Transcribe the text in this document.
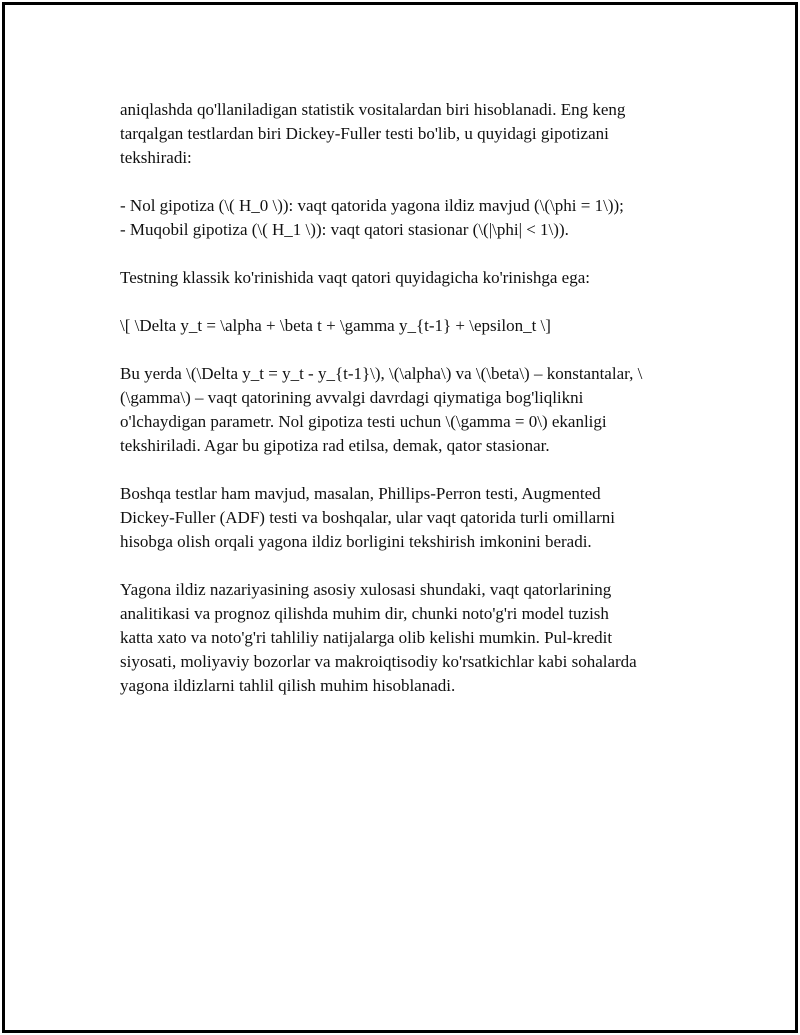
aniqlashda qo'llaniladigan statistik vositalardan biri hisoblanadi. Eng keng
tarqalgan testlardan biri Dickey-Fuller testi bo'lib, u quyidagi gipotizani
tekshiradi:
- Nol gipotiza (\( H_0 \)): vaqt qatorida yagona ildiz mavjud (\(\phi = 1\));
- Muqobil gipotiza (\( H_1 \)): vaqt qatori stasionar (\(|\phi| < 1\)).
Testning klassik ko'rinishida vaqt qatori quyidagicha ko'rinishga ega:
\[ \Delta y_t = \alpha + \beta t + \gamma y_{t-1} + \epsilon_t \]
Bu yerda \(\Delta y_t = y_t - y_{t-1}\), \(\alpha\) va \(\beta\) – konstantalar, \
(\gamma\) – vaqt qatorining avvalgi davrdagi qiymatiga bog'liqlikni
o'lchaydigan parametr. Nol gipotiza testi uchun \(\gamma = 0\) ekanligi
tekshiriladi. Agar bu gipotiza rad etilsa, demak, qator stasionar.
Boshqa testlar ham mavjud, masalan, Phillips-Perron testi, Augmented
Dickey-Fuller (ADF) testi va boshqalar, ular vaqt qatorida turli omillarni
hisobga olish orqali yagona ildiz borligini tekshirish imkonini beradi.
Yagona ildiz nazariyasining asosiy xulosasi shundaki, vaqt qatorlarining
analitikasi va prognoz qilishda muhim dir, chunki noto'g'ri model tuzish
katta xato va noto'g'ri tahliliy natijalarga olib kelishi mumkin. Pul-kredit
siyosati, moliyaviy bozorlar va makroiqtisodiy ko'rsatkichlar kabi sohalarda
yagona ildizlarni tahlil qilish muhim hisoblanadi.
